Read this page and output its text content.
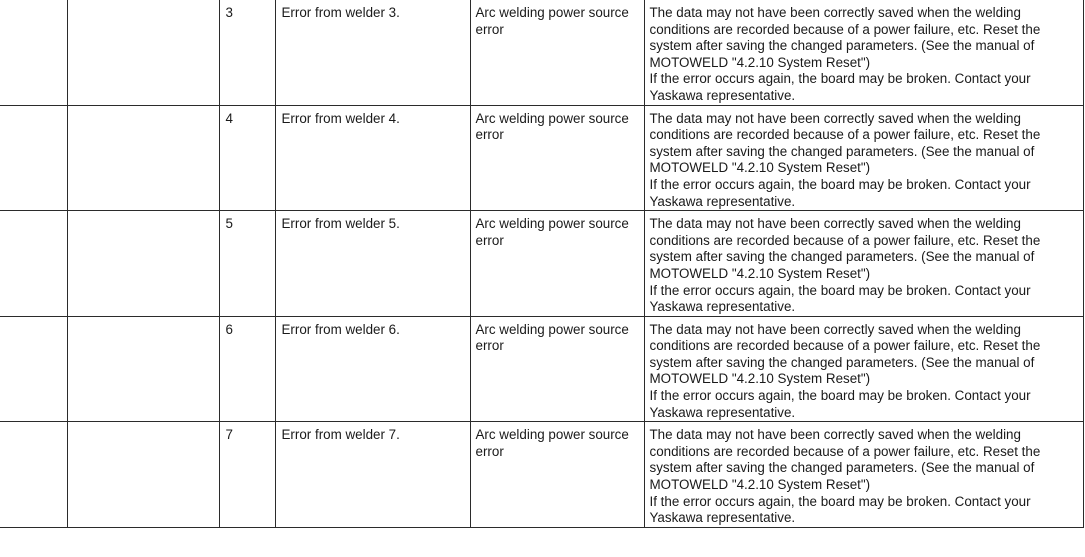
		3	Error from welder 3.	Arc welding power source error	The data may not have been correctly saved when the welding conditions are recorded because of a power failure, etc. Reset the system after saving the changed parameters. (See the manual of MOTOWELD "4.2.10 System Reset")
If the error occurs again, the board may be broken. Contact your Yaskawa representative.

		4	Error from welder 4.	Arc welding power source error	The data may not have been correctly saved when the welding conditions are recorded because of a power failure, etc. Reset the system after saving the changed parameters. (See the manual of MOTOWELD "4.2.10 System Reset")
If the error occurs again, the board may be broken. Contact your Yaskawa representative.

		5	Error from welder 5.	Arc welding power source error	The data may not have been correctly saved when the welding conditions are recorded because of a power failure, etc. Reset the system after saving the changed parameters. (See the manual of MOTOWELD "4.2.10 System Reset")
If the error occurs again, the board may be broken. Contact your Yaskawa representative.

		6	Error from welder 6.	Arc welding power source error	The data may not have been correctly saved when the welding conditions are recorded because of a power failure, etc. Reset the system after saving the changed parameters. (See the manual of MOTOWELD "4.2.10 System Reset")
If the error occurs again, the board may be broken. Contact your Yaskawa representative.

		7	Error from welder 7.	Arc welding power source error	The data may not have been correctly saved when the welding conditions are recorded because of a power failure, etc. Reset the system after saving the changed parameters. (See the manual of MOTOWELD "4.2.10 System Reset")
If the error occurs again, the board may be broken. Contact your Yaskawa representative.
